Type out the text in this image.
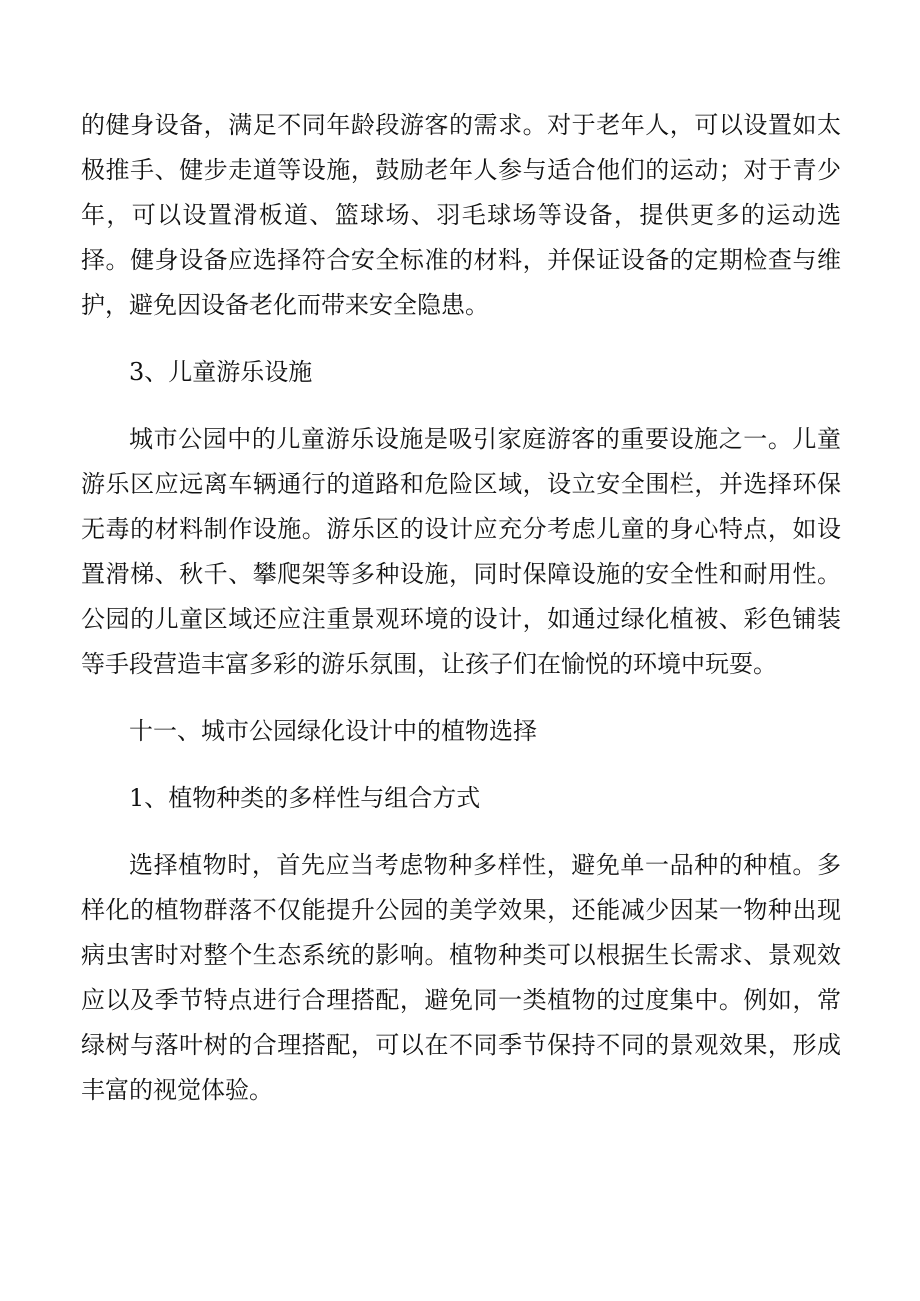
的健身设备，满足不同年龄段游客的需求。对于老年人，可以设置如太极推手、健步走道等设施，鼓励老年人参与适合他们的运动；对于青少年，可以设置滑板道、篮球场、羽毛球场等设备，提供更多的运动选择。健身设备应选择符合安全标准的材料，并保证设备的定期检查与维护，避免因设备老化而带来安全隐患。

3、儿童游乐设施

城市公园中的儿童游乐设施是吸引家庭游客的重要设施之一。儿童游乐区应远离车辆通行的道路和危险区域，设立安全围栏，并选择环保无毒的材料制作设施。游乐区的设计应充分考虑儿童的身心特点，如设置滑梯、秋千、攀爬架等多种设施，同时保障设施的安全性和耐用性。公园的儿童区域还应注重景观环境的设计，如通过绿化植被、彩色铺装等手段营造丰富多彩的游乐氛围，让孩子们在愉悦的环境中玩耍。

十一、城市公园绿化设计中的植物选择

1、植物种类的多样性与组合方式

选择植物时，首先应当考虑物种多样性，避免单一品种的种植。多样化的植物群落不仅能提升公园的美学效果，还能减少因某一物种出现病虫害时对整个生态系统的影响。植物种类可以根据生长需求、景观效应以及季节特点进行合理搭配，避免同一类植物的过度集中。例如，常绿树与落叶树的合理搭配，可以在不同季节保持不同的景观效果，形成丰富的视觉体验。
